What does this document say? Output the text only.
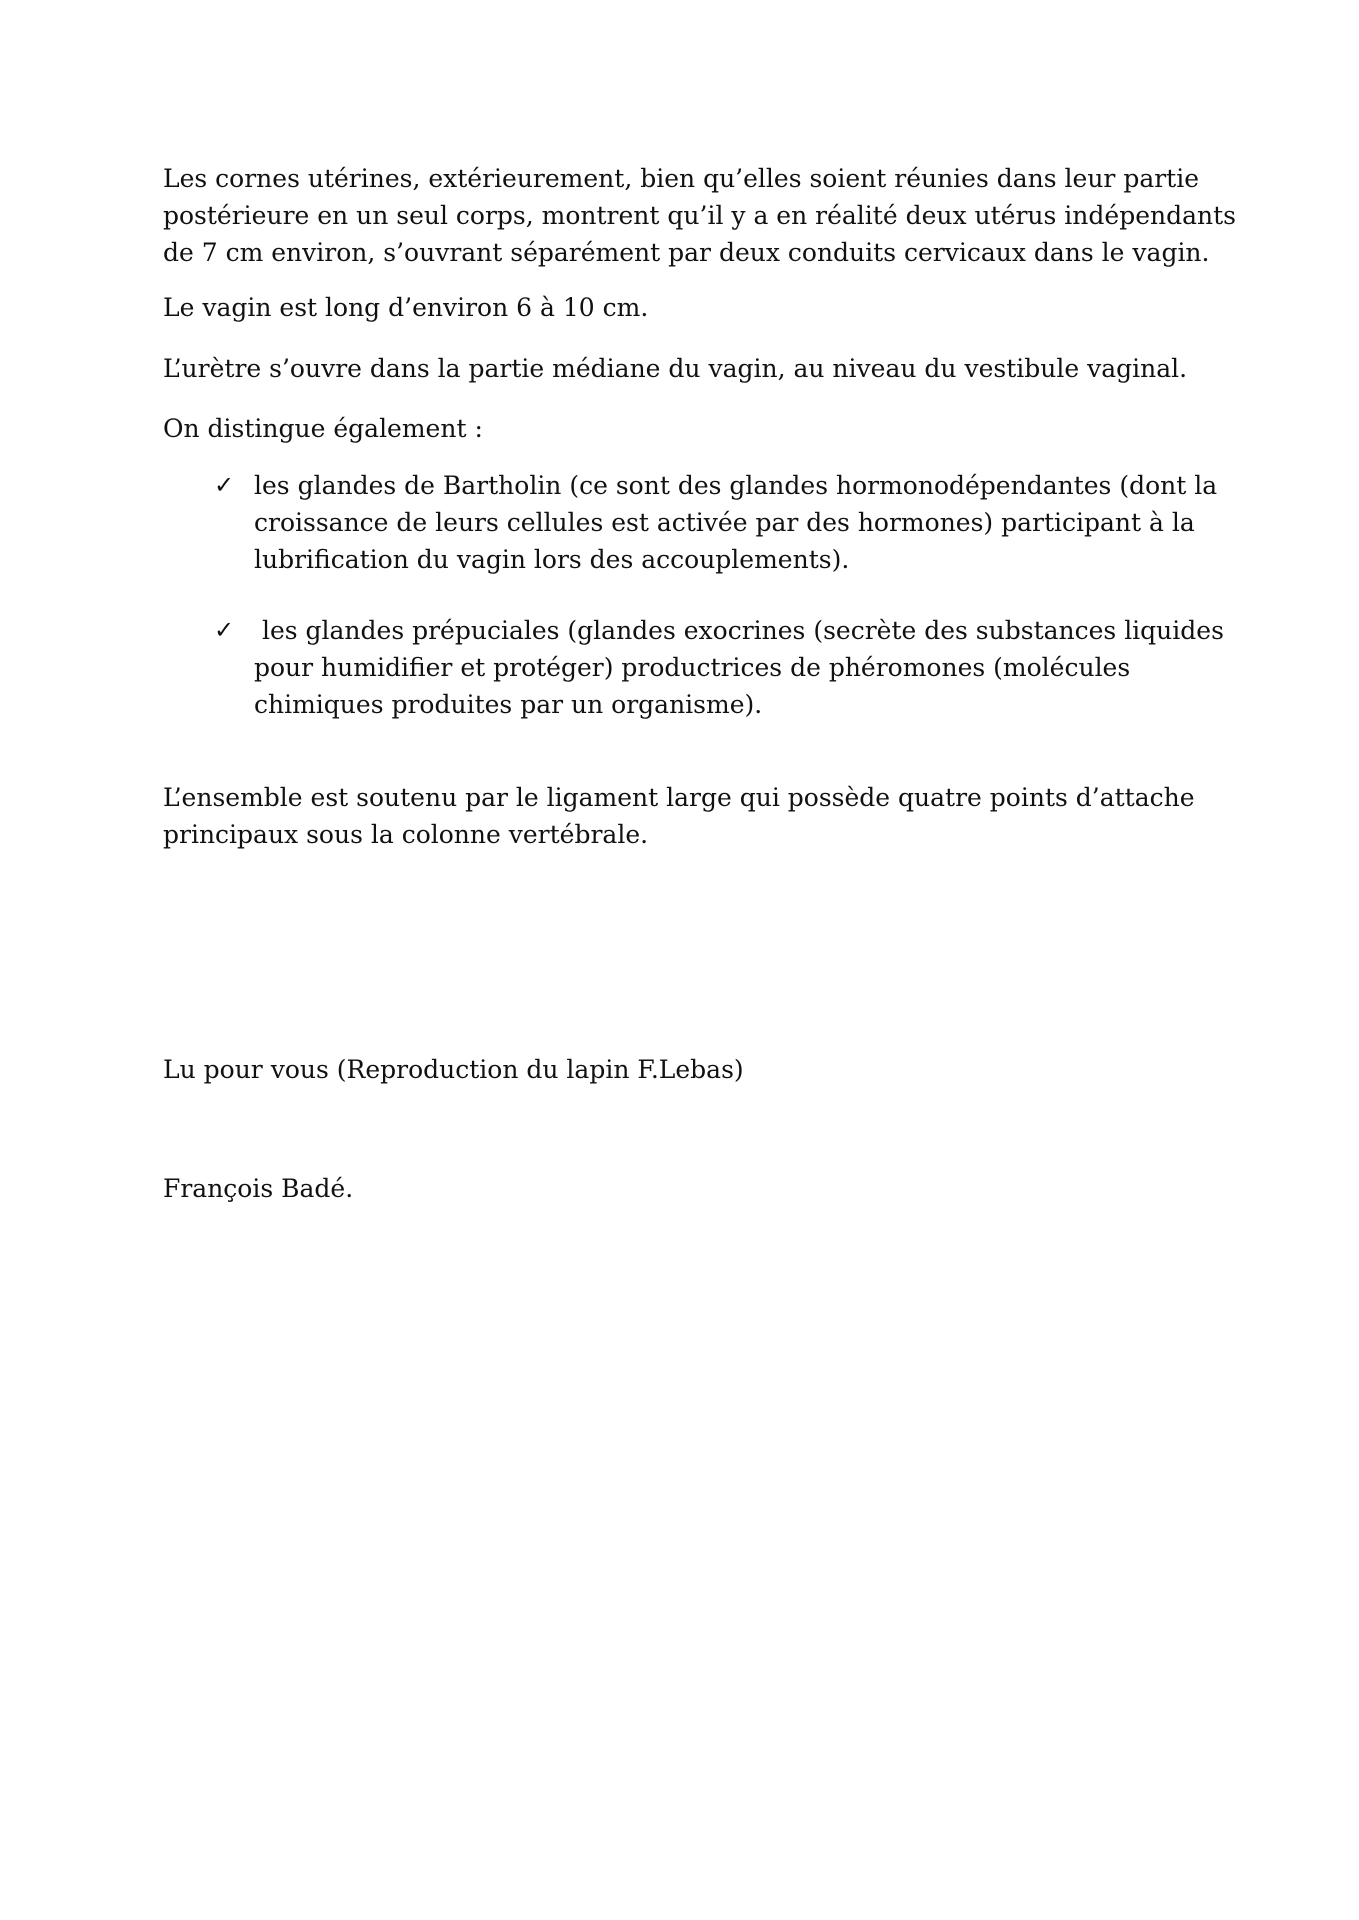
Les cornes utérines, extérieurement, bien qu’elles soient réunies dans leur partie
postérieure en un seul corps, montrent qu’il y a en réalité deux utérus indépendants
de 7 cm environ, s’ouvrant séparément par deux conduits cervicaux dans le vagin.
Le vagin est long d’environ 6 à 10 cm.
L’urètre s’ouvre dans la partie médiane du vagin, au niveau du vestibule vaginal.
On distingue également :
✓ les glandes de Bartholin (ce sont des glandes hormonodépendantes (dont la
croissance de leurs cellules est activée par des hormones) participant à la
lubrification du vagin lors des accouplements).
✓ les glandes prépuciales (glandes exocrines (secrète des substances liquides
pour humidifier et protéger) productrices de phéromones (molécules
chimiques produites par un organisme).
L’ensemble est soutenu par le ligament large qui possède quatre points d’attache
principaux sous la colonne vertébrale.
Lu pour vous (Reproduction du lapin F.Lebas)
François Badé.
